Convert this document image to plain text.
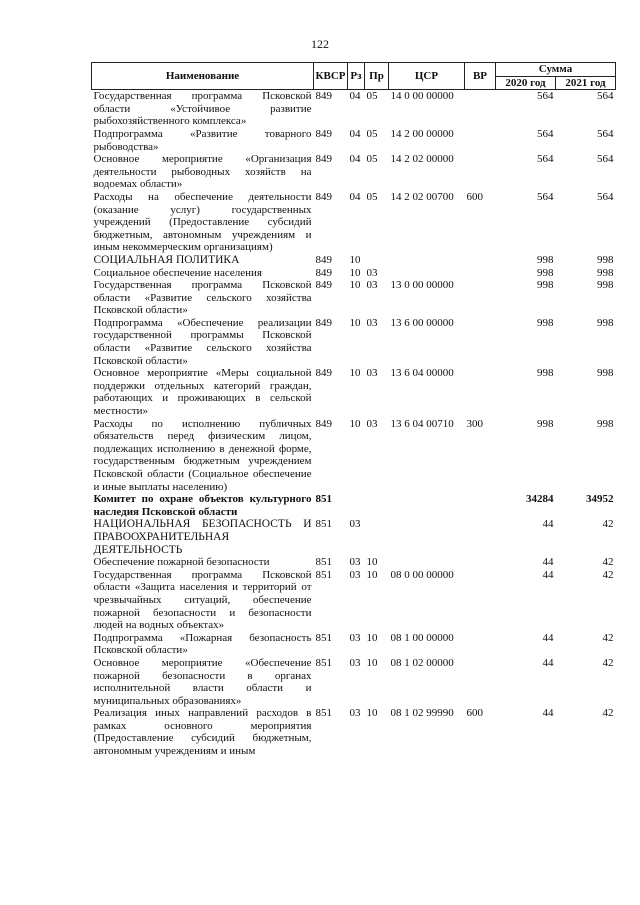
122
Наименование	КВСР	Рз	Пр	ЦСР	ВР	Сумма	
						2020 год	2021 год
Государственная программа Псковской области «Устойчивое развитие рыбохозяйственного комплекса»	849	04	05	14 0 00 00000		564	564
Подпрограмма «Развитие товарного рыбоводства»	849	04	05	14 2 00 00000		564	564
Основное мероприятие «Организация деятельности рыбоводных хозяйств на водоемах области»	849	04	05	14 2 02 00000		564	564
Расходы на обеспечение деятельности (оказание услуг) государственных учреждений (Предоставление субсидий бюджетным, автономным учреждениям и иным некоммерческим организациям)	849	04	05	14 2 02 00700	600	564	564
СОЦИАЛЬНАЯ ПОЛИТИКА	849	10				998	998
Социальное обеспечение населения	849	10	03			998	998
Государственная программа Псковской области «Развитие сельского хозяйства Псковской области»	849	10	03	13 0 00 00000		998	998
Подпрограмма «Обеспечение реализации государственной программы Псковской области «Развитие сельского хозяйства Псковской области»	849	10	03	13 6 00 00000		998	998
Основное мероприятие «Меры социальной поддержки отдельных категорий граждан, работающих и проживающих в сельской местности»	849	10	03	13 6 04 00000		998	998
Расходы по исполнению публичных обязательств перед физическим лицом, подлежащих исполнению в денежной форме, государственным бюджетным учреждением Псковской области (Социальное обеспечение и иные выплаты населению)	849	10	03	13 6 04 00710	300	998	998
Комитет по охране объектов культурного наследия Псковской области	851					34284	34952
НАЦИОНАЛЬНАЯ БЕЗОПАСНОСТЬ И ПРАВООХРАНИТЕЛЬНАЯ ДЕЯТЕЛЬНОСТЬ	851	03				44	42
Обеспечение пожарной безопасности	851	03	10			44	42
Государственная программа Псковской области «Защита населения и территорий от чрезвычайных ситуаций, обеспечение пожарной безопасности и безопасности людей на водных объектах»	851	03	10	08 0 00 00000		44	42
Подпрограмма «Пожарная безопасность Псковской области»	851	03	10	08 1 00 00000		44	42
Основное мероприятие «Обеспечение пожарной безопасности в органах исполнительной власти области и муниципальных образованиях»	851	03	10	08 1 02 00000		44	42
Реализация иных направлений расходов в рамках основного мероприятия (Предоставление субсидий бюджетным, автономным учреждениям и иным	851	03	10	08 1 02 99990	600	44	42
